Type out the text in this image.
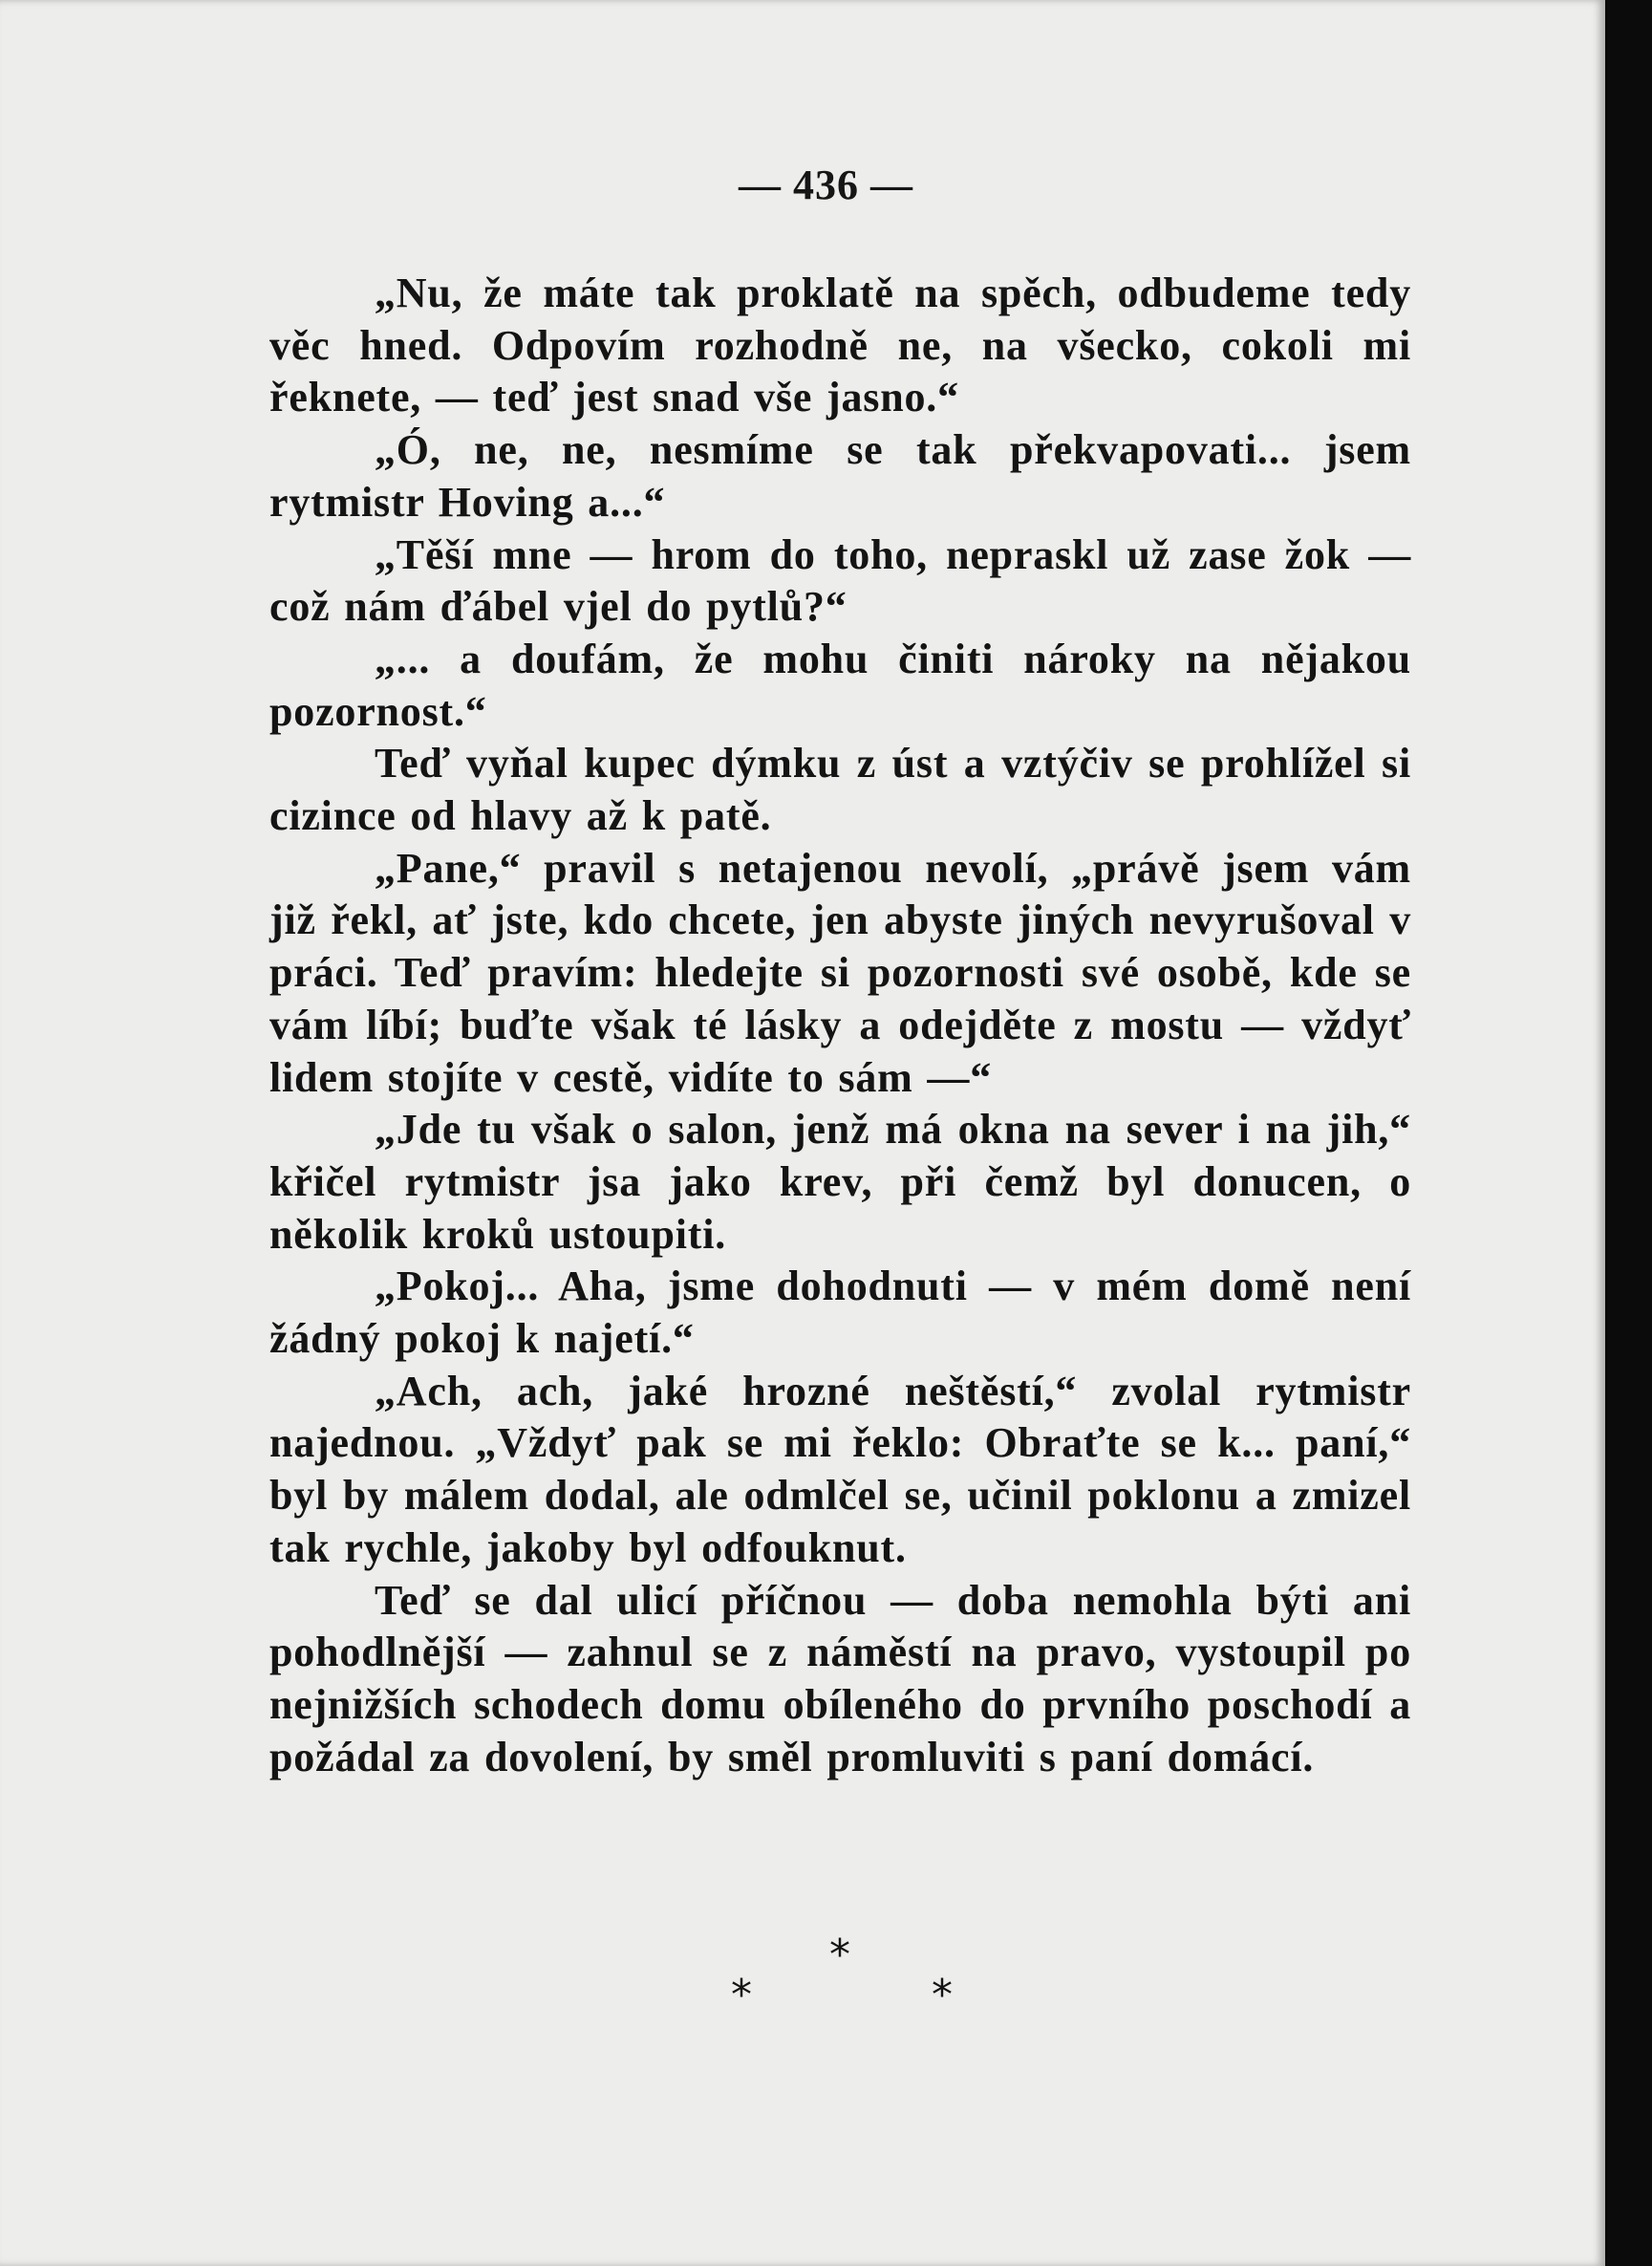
— 436 —

„Nu, že máte tak proklatě na spěch, odbudeme tedy věc hned. Odpovím rozhodně ne, na všecko, cokoli mi řeknete, — teď jest snad vše jasno.“

„Ó, ne, ne, nesmíme se tak překvapovati... jsem rytmistr Hoving a...“

„Těší mne — hrom do toho, nepraskl už zase žok — což nám ďábel vjel do pytlů?“

„... a doufám, že mohu činiti nároky na nějakou pozornost.“

Teď vyňal kupec dýmku z úst a vztýčiv se prohlížel si cizince od hlavy až k patě.

„Pane,“ pravil s netajenou nevolí, „právě jsem vám již řekl, ať jste, kdo chcete, jen abyste jiných nevyrušoval v práci. Teď pravím: hledejte si pozornosti své osobě, kde se vám líbí; buďte však té lásky a odejděte z mostu — vždyť lidem stojíte v cestě, vidíte to sám —“

„Jde tu však o salon, jenž má okna na sever i na jih,“ křičel rytmistr jsa jako krev, při čemž byl donucen, o několik kroků ustoupiti.

„Pokoj... Aha, jsme dohodnuti — v mém domě není žádný pokoj k najetí.“

„Ach, ach, jaké hrozné neštěstí,“ zvolal rytmistr najednou. „Vždyť pak se mi řeklo: Obraťte se k... paní,“ byl by málem dodal, ale odmlčel se, učinil poklonu a zmizel tak rychle, jakoby byl odfouknut.

Teď se dal ulicí příčnou — doba nemohla býti ani pohodlnější — zahnul se z náměstí na pravo, vystoupil po nejnižších schodech domu obíleného do prvního poschodí a požádal za dovolení, by směl promluviti s paní domácí.

*
*	*
